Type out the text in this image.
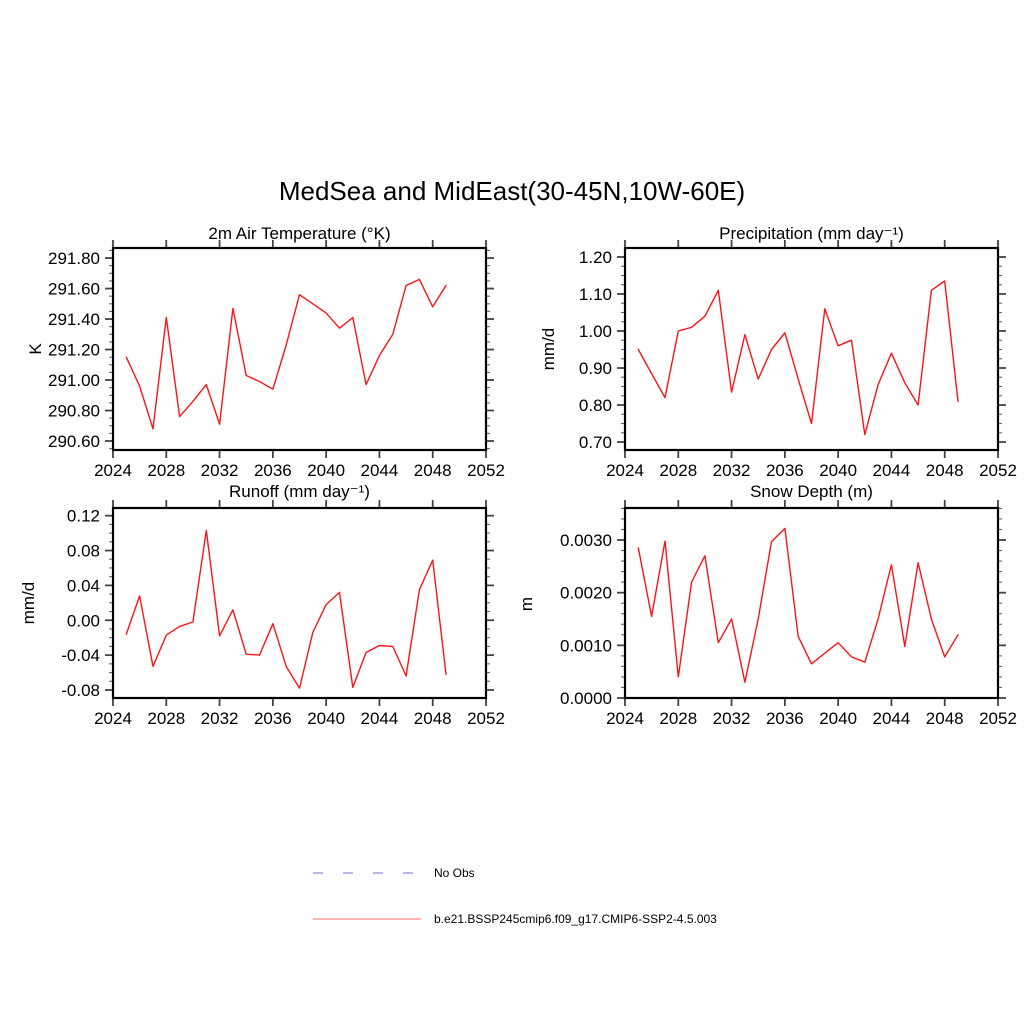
290.60
290.80
291.00
291.20
291.40
291.60
291.80
2024 2028 2032 2036 2040 2044 2048 2052
0.70
0.80
0.90
1.00
1.10
1.20
2024 2028 2032 2036 2040 2044 2048 2052
-0.08
-0.04
0.00
0.04
0.08
0.12
2024 2028 2032 2036 2040 2044 2048 2052
0.0000
0.0010
0.0020
0.0030
2024 2028 2032 2036 2040 2044 2048 2052
MedSea and MidEast(30-45N,10W-60E)
2m Air Temperature (°K)	Precipitation (mm day⁻¹)
Runoff (mm day⁻¹)	Snow Depth (m)
K	mm/d
mm/d	m
No Obs
b.e21.BSSP245cmip6.f09_g17.CMIP6-SSP2-4.5.003
